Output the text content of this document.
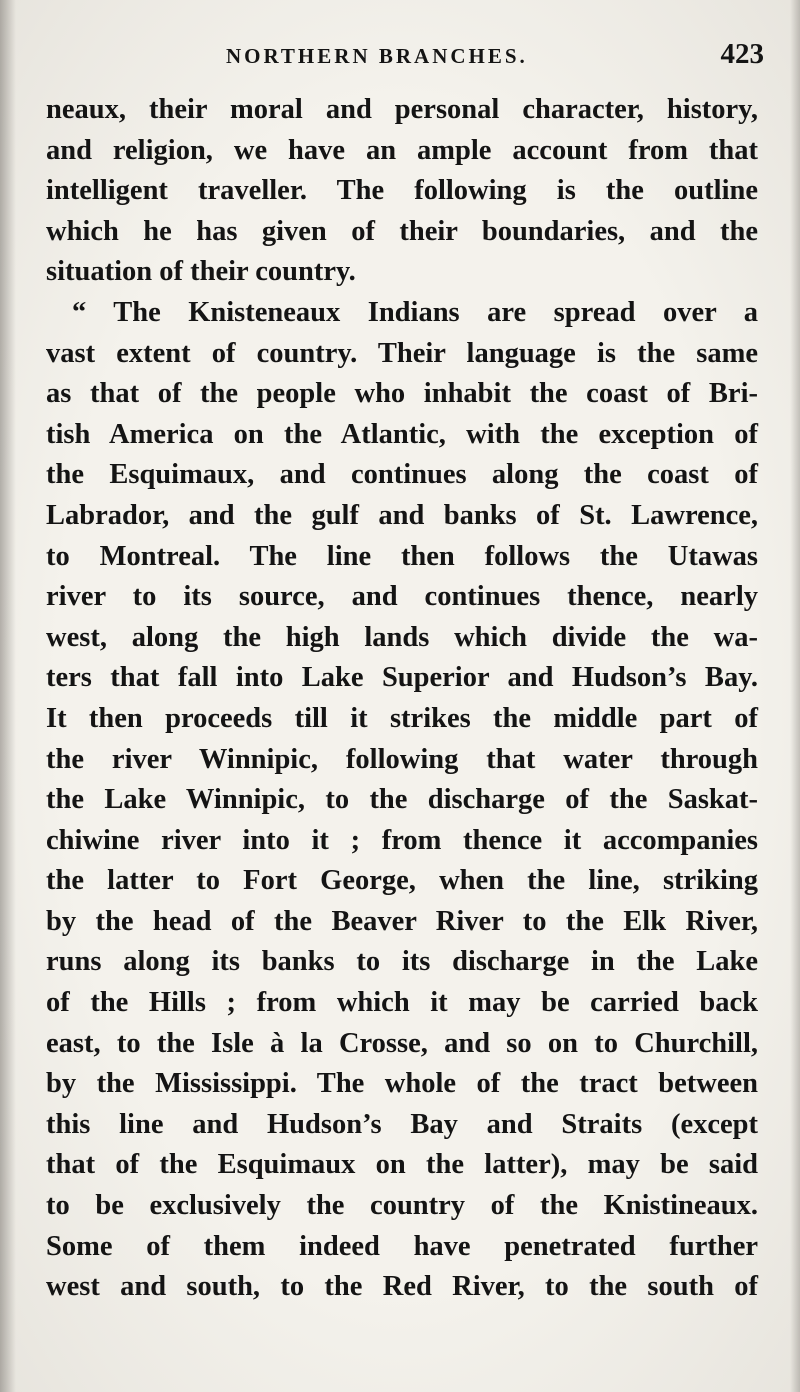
NORTHERN BRANCHES.	423
neaux, their moral and personal character, history,
and religion, we have an ample account from that
intelligent traveller. The following is the outline
which he has given of their boundaries, and the
situation of their country.
“ The Knisteneaux Indians are spread over a
vast extent of country. Their language is the same
as that of the people who inhabit the coast of Bri-
tish America on the Atlantic, with the exception of
the Esquimaux, and continues along the coast of
Labrador, and the gulf and banks of St. Lawrence,
to Montreal. The line then follows the Utawas
river to its source, and continues thence, nearly
west, along the high lands which divide the wa-
ters that fall into Lake Superior and Hudson’s Bay.
It then proceeds till it strikes the middle part of
the river Winnipic, following that water through
the Lake Winnipic, to the discharge of the Saskat-
chiwine river into it ; from thence it accompanies
the latter to Fort George, when the line, striking
by the head of the Beaver River to the Elk River,
runs along its banks to its discharge in the Lake
of the Hills ; from which it may be carried back
east, to the Isle à la Crosse, and so on to Churchill,
by the Mississippi. The whole of the tract between
this line and Hudson’s Bay and Straits (except
that of the Esquimaux on the latter), may be said
to be exclusively the country of the Knistineaux.
Some of them indeed have penetrated further
west and south, to the Red River, to the south of
